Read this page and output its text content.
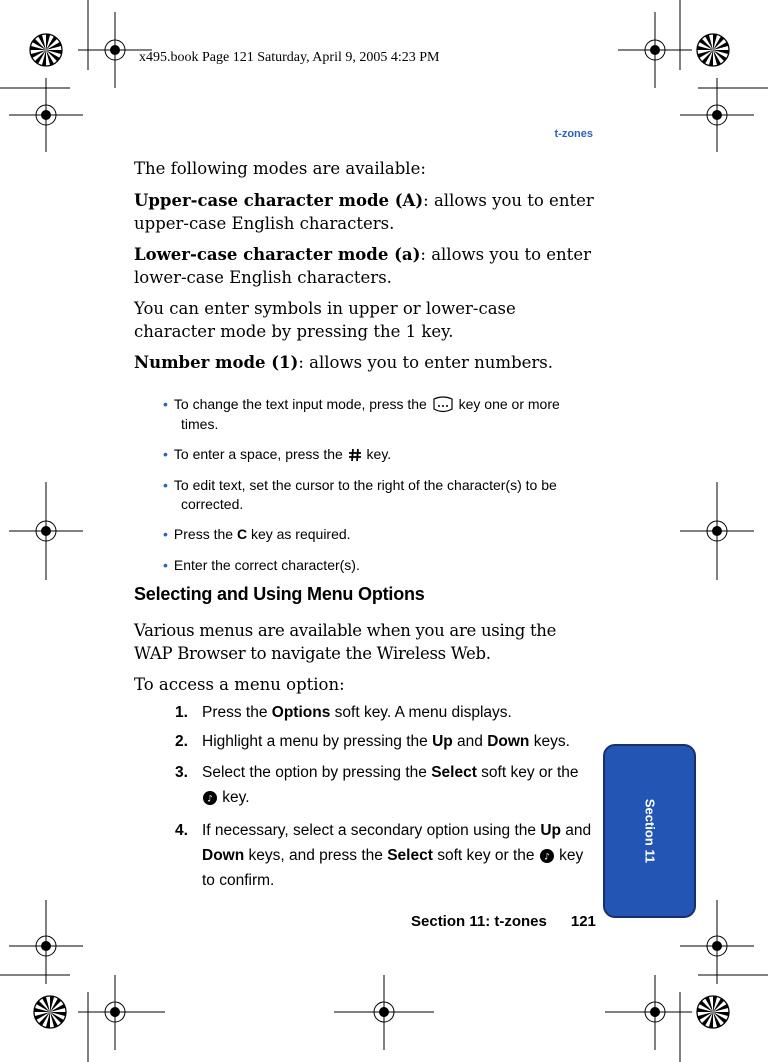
x495.book Page 121 Saturday, April 9, 2005 4:23 PM
t-zones
The following modes are available:
Upper-case character mode (A): allows you to enter upper-case English characters.
Lower-case character mode (a): allows you to enter lower-case English characters.
You can enter symbols in upper or lower-case character mode by pressing the 1 key.
Number mode (1): allows you to enter numbers.
• To change the text input mode, press the  key one or more
times.
• To enter a space, press the  key.
• To edit text, set the cursor to the right of the character(s) to be
corrected.
• Press the C key as required.
• Enter the correct character(s).
Selecting and Using Menu Options
Various menus are available when you are using the WAP Browser to navigate the Wireless Web.
To access a menu option:
1. Press the Options soft key. A menu displays.
2. Highlight a menu by pressing the Up and Down keys.
3. Select the option by pressing the Select soft key or the

♪ key.
4. If necessary, select a secondary option using the Up and
Down keys, and press the Select soft key or the ♪ key
to confirm.
Section 11: t-zones 121
Section 11
